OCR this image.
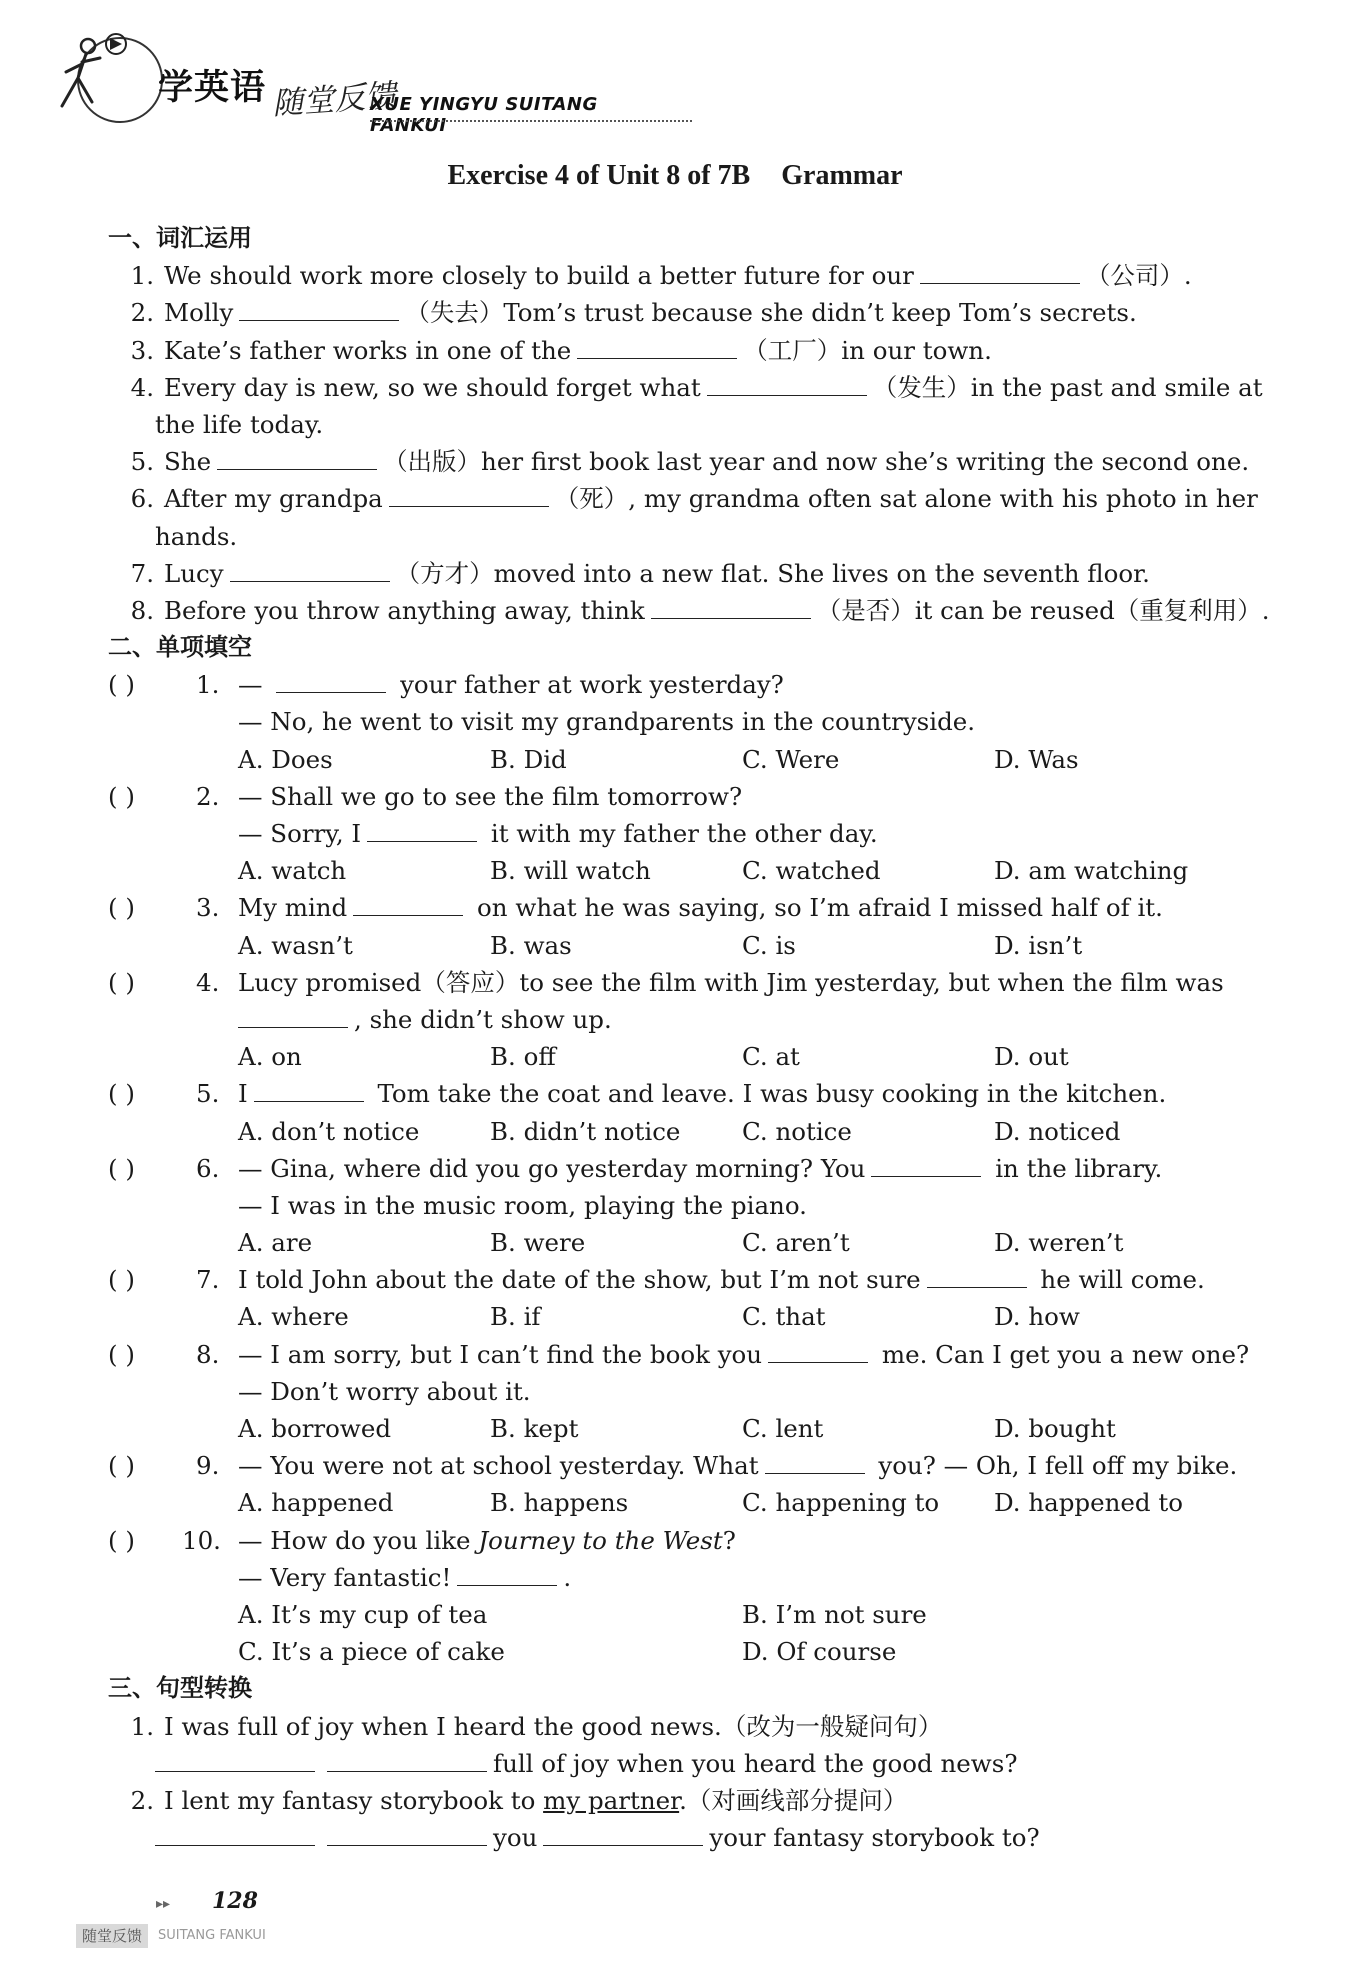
学英语 随堂反馈
XUE YINGYU SUITANG FANKUI
Exercise 4 of Unit 8 of 7B Grammar
一、词汇运用
1. We should work more closely to build a better future for our	（公司）.
2. Molly	（失去）Tom’s trust because she didn’t keep Tom’s secrets.
3. Kate’s father works in one of the	（工厂）in our town.
4. Every day is new, so we should forget what	（发生）in the past and smile at
the life today.
5. She	（出版）her first book last year and now she’s writing the second one.
6. After my grandpa	（死）, my grandma often sat alone with his photo in her
hands.
7. Lucy	（方才）moved into a new flat. She lives on the seventh floor.
8. Before you throw anything away, think	（是否）it can be reused（重复利用）.
二、单项填空
( ) 1. —	your father at work yesterday?
— No, he went to visit my grandparents in the countryside.
A. Does	B. Did	C. Were	D. Was
( ) 2. — Shall we go to see the film tomorrow?
— Sorry, I	it with my father the other day.
A. watch	B. will watch	C. watched	D. am watching
( ) 3. My mind	on what he was saying, so I’m afraid I missed half of it.
A. wasn’t	B. was	C. is	D. isn’t
( ) 4. Lucy promised（答应）to see the film with Jim yesterday, but when the film was
, she didn’t show up.
A. on	B. off	C. at	D. out
( ) 5. I	Tom take the coat and leave. I was busy cooking in the kitchen.
A. don’t notice	B. didn’t notice	C. notice	D. noticed
( ) 6. — Gina, where did you go yesterday morning? You	in the library.
— I was in the music room, playing the piano.
A. are	B. were	C. aren’t	D. weren’t
( ) 7. I told John about the date of the show, but I’m not sure	he will come.
A. where	B. if	C. that	D. how
( ) 8. — I am sorry, but I can’t find the book you	me. Can I get you a new one?
— Don’t worry about it.
A. borrowed	B. kept	C. lent	D. bought
( ) 9. — You were not at school yesterday. What	you? — Oh, I fell off my bike.
A. happened	B. happens	C. happening to D. happened to
( ) 10. — How do you like Journey to the West?
— Very fantastic!	.
A. It’s my cup of tea	B. I’m not sure
C. It’s a piece of cake	D. Of course
三、句型转换
1. I was full of joy when I heard the good news.（改为一般疑问句）
full of joy when you heard the good news?
2. I lent my fantasy storybook to my partner.（对画线部分提问）
you	your fantasy storybook to?
▸▸ 128
随堂反馈	SUITANG FANKUI
